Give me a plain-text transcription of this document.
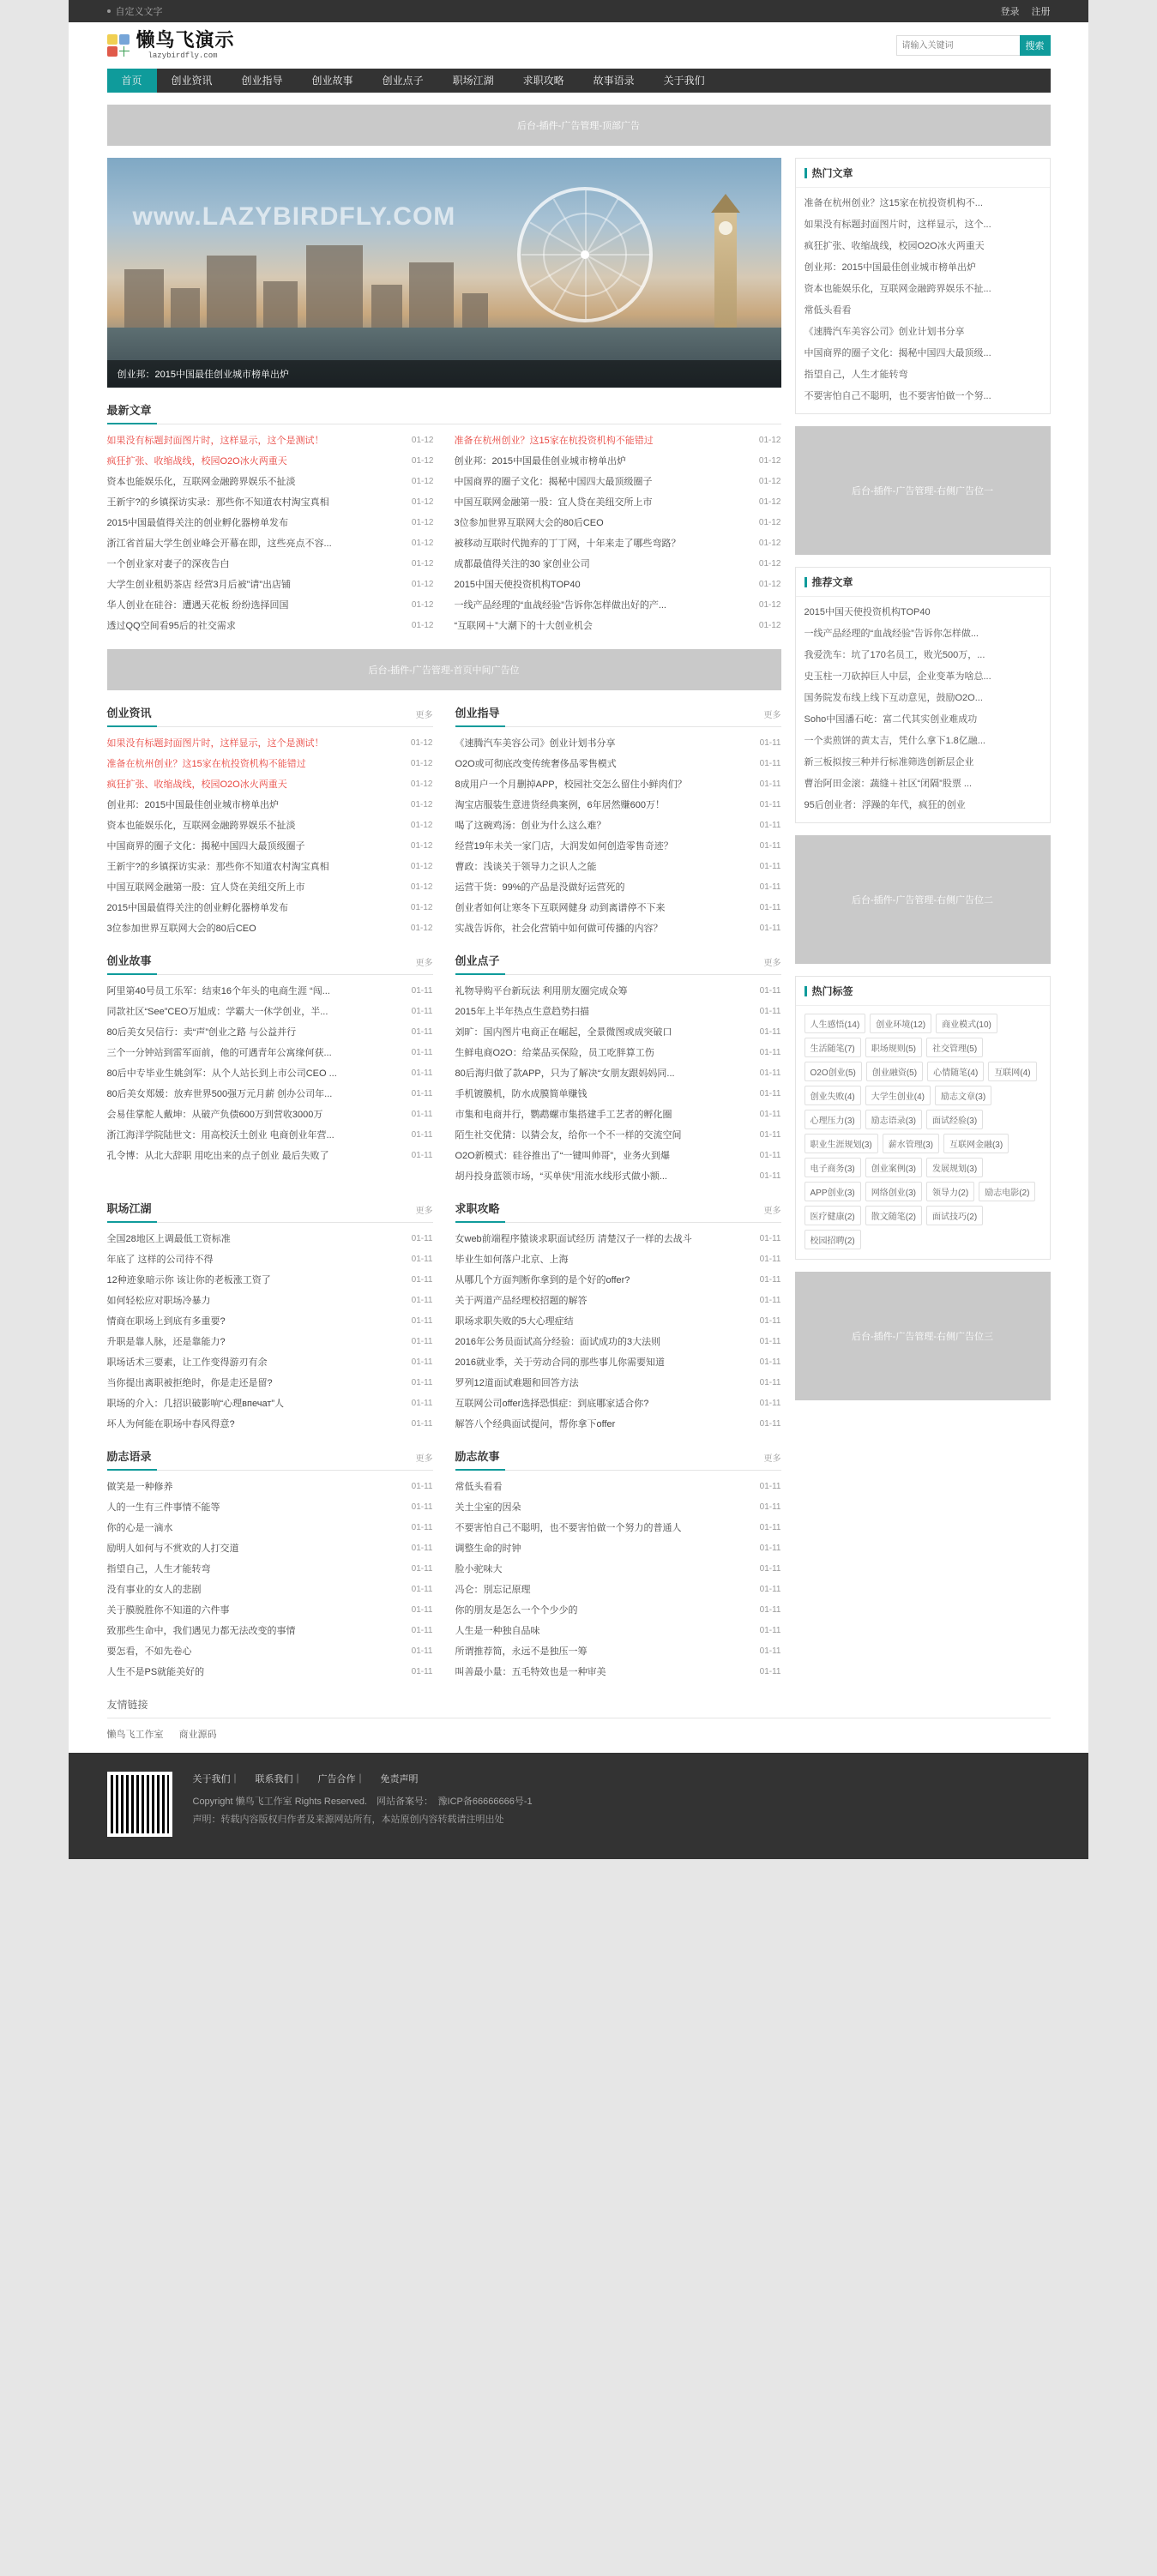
自定义文字	登录 注册
懒鸟飞演示
lazybirdfly.com
请输入关键词
搜索
首页	创业资讯	创业指导	创业故事	创业点子	职场江湖	求职攻略	故事语录	关于我们
后台-插件-广告管理-顶部广告
www.LAZYBIRDFLY.COM
创业邦：2015中国最佳创业城市榜单出炉
最新文章
如果没有标题封面图片时，这样显示，这个是测试！	01-12
疯狂扩张、收缩战线，校园O2O冰火两重天	01-12
资本也能娱乐化，互联网金融跨界娱乐不扯淡	01-12
王新宇?的乡镇探访实录：那些你不知道农村淘宝真相	01-12
2015中国最值得关注的创业孵化器榜单发布	01-12
浙江省首届大学生创业峰会开幕在即，这些亮点不容...	01-12
一个创业家对妻子的深夜告白	01-12
大学生创业租奶茶店 经营3月后被”请”出店铺	01-12
华人创业在硅谷：遭遇天花板 纷纷选择回国	01-12
透过QQ空间看95后的社交需求	01-12
准备在杭州创业？这15家在杭投资机构不能错过	01-12
创业邦：2015中国最佳创业城市榜单出炉	01-12
中国商界的圈子文化：揭秘中国四大最顶级圈子	01-12
中国互联网金融第一股：宜人贷在美纽交所上市	01-12
3位参加世界互联网大会的80后CEO	01-12
被移动互联时代抛弃的丁丁网，十年来走了哪些弯路？	01-12
成都最值得关注的30 家创业公司	01-12
2015中国天使投资机构TOP40	01-12
一线产品经理的“血战经验”告诉你怎样做出好的产...	01-12
“互联网＋”大潮下的十大创业机会	01-12
后台-插件-广告管理-首页中间广告位
创业资讯	更多
如果没有标题封面图片时，这样显示，这个是测试！	01-12
准备在杭州创业？这15家在杭投资机构不能错过	01-12
疯狂扩张、收缩战线，校园O2O冰火两重天	01-12
创业邦：2015中国最佳创业城市榜单出炉	01-12
资本也能娱乐化，互联网金融跨界娱乐不扯淡	01-12
中国商界的圈子文化：揭秘中国四大最顶级圈子	01-12
王新宇?的乡镇探访实录：那些你不知道农村淘宝真相	01-12
中国互联网金融第一股：宜人贷在美纽交所上市	01-12
2015中国最值得关注的创业孵化器榜单发布	01-12
3位参加世界互联网大会的80后CEO	01-12
创业指导	更多
《速腾汽车美容公司》创业计划书分享	01-11
O2O或可彻底改变传统奢侈品零售模式	01-11
8成用户一个月删掉APP，校园社交怎么留住小鲜肉们？	01-11
淘宝店服装生意进货经典案例，6年居然赚600万！	01-11
喝了这碗鸡汤：创业为什么这么难？	01-11
经营19年未关一家门店，大润发如何创造零售奇迹？	01-11
曹政：浅谈关于领导力之识人之能	01-11
运营干货：99%的产品是没做好运营死的	01-11
创业者如何让寒冬下互联网健身 动到离谱停不下来	01-11
实战告诉你，社会化营销中如何做可传播的内容？	01-11
创业故事	更多
阿里第40号员工乐军：结束16个年头的电商生涯 “闯...	01-11
同款社区“See”CEO万旭成：学霸大一休学创业，半...	01-11
80后美女吴信行：卖“声”创业之路 与公益并行	01-11
三个一分钟站到雷军面前，他的可遇青年公寓缘何获...	01-11
80后中专毕业生姚剑军：从个人站长到上市公司CEO ...	01-11
80后美女郑媛：放弃世界500强万元月薪 创办公司年...	01-11
会易佳掌舵人戴坤：从破产负债600万到营收3000万	01-11
浙江海洋学院陆世文：用高校沃土创业 电商创业年营...	01-11
孔令博：从北大辞职 用吃出来的点子创业 最后失败了	01-11
创业点子	更多
礼物导购平台新玩法 利用朋友圈完成众筹	01-11
2015年上半年热点生意趋势扫描	01-11
刘旷：国内图片电商正在崛起，全景微图或成突破口	01-11
生鲜电商O2O：给菜品买保险，员工吃胖算工伤	01-11
80后海归做了款APP，只为了解决“女朋友跟妈妈同...	01-11
手机镀膜机，防水成膜简单赚钱	01-11
市集和电商并行，鹦鹉螺市集搭建手工艺者的孵化圈	01-11
陌生社交优猜：以猜会友，给你一个不一样的交流空间	01-11
O2O新模式：硅谷推出了“一键叫帅哥”，业务火到爆	01-11
胡丹投身蓝领市场，“买单侠”用流水线形式做小额...	01-11
职场江湖	更多
全国28地区上调最低工资标准	01-11
年底了 这样的公司待不得	01-11
12种迹象暗示你 该让你的老板涨工资了	01-11
如何轻松应对职场冷暴力	01-11
情商在职场上到底有多重要?	01-11
升职是靠人脉，还是靠能力?	01-11
职场话术三要素，让工作变得游刃有余	01-11
当你提出离职被拒绝时，你是走还是留?	01-11
职场的介入：几招识破影响“心理впечат”人	01-11
坏人为何能在职场中春风得意?	01-11
求职攻略	更多
女web前端程序猿谈求职面试经历 清楚汉子一样的去战斗	01-11
毕业生如何落户北京、上海	01-11
从哪几个方面判断你拿到的是个好的offer?	01-11
关于两道产品经理校招题的解答	01-11
职场求职失败的5大心理症结	01-11
2016年公务员面试高分经验：面试成功的3大法则	01-11
2016就业季，关于劳动合同的那些事儿你需要知道	01-11
罗列12道面试难题和回答方法	01-11
互联网公司offer选择恐惧症：到底哪家适合你?	01-11
解答八个经典面试提问，帮你拿下offer	01-11
励志语录	更多
做笑是一种修养	01-11
人的一生有三件事情不能等	01-11
你的心是一滴水	01-11
励明人如何与不赏欢的人打交道	01-11
指望自己，人生才能转弯	01-11
没有事业的女人的悲剧	01-11
关于膜脱胜你不知道的六件事	01-11
致那些生命中，我们遇见力都无法改变的事情	01-11
要怎看，不如先卷心	01-11
人生不是PS就能美好的	01-11
励志故事	更多
常低头看看	01-11
关土尘室的因朵	01-11
不要害怕自己不聪明，也不要害怕做一个努力的普通人	01-11
调整生命的时钟	01-11
脸小驼味大	01-11
冯仑：別忘记原理	01-11
你的朋友是怎么一个个少少的	01-11
人生是一种独自品味	01-11
所谓推荐简，永远不是独压一筹	01-11
叫善最小量：五毛特效也是一种审美	01-11
热门文章
准备在杭州创业？这15家在杭投资机构不...
如果没有标题封面图片时，这样显示，这个...
疯狂扩张、收缩战线，校园O2O冰火两重天
创业邦：2015中国最佳创业城市榜单出炉
资本也能娱乐化，互联网金融跨界娱乐不扯...
常低头看看
《速腾汽车美容公司》创业计划书分享
中国商界的圈子文化：揭秘中国四大最顶级...
指望自己，人生才能转弯
不要害怕自己不聪明，也不要害怕做一个努...
后台-插件-广告管理-右侧广告位一
推荐文章
2015中国天使投资机构TOP40
一线产品经理的“血战经验”告诉你怎样做...
我爱洗车：坑了170名员工，败光500万，...
史玉柱一刀砍掉巨人中层，企业变革为啥总...
国务院发布线上线下互动意见，鼓励O2O...
Soho中国潘石屹：富二代其实创业难成功
一个卖煎饼的黄太吉，凭什么拿下1.8亿融...
新三板拟按三种并行标准筛选创新层企业
曹治阿田金滚：蔬缝＋社区“闭隔”股票 ...
95后创业者：浮躁的年代，疯狂的创业
后台-插件-广告管理-右侧广告位二
热门标签
人生感悟(14)	创业环境(12)	商业模式(10)
生活随笔(7)	职场规则(5)	社交管理(5)
O2O创业(5)	创业融资(5)	心情随笔(4)	互联网(4)
创业失败(4)	大学生创业(4)	励志文章(3)
心理压力(3)	励志语录(3)	面试经验(3)
职业生涯规划(3)	薪水管理(3)	互联网金融(3)
电子商务(3)	创业案例(3)	发展规划(3)
APP创业(3)	网络创业(3)	领导力(2)	励志电影(2)
医疗健康(2)	散文随笔(2)	面试技巧(2)
校园招聘(2)
后台-插件-广告管理-右侧广告位三
友情链接
懒鸟飞工作室 商业源码
关于我们｜ 联系我们｜ 广告合作｜ 免责声明
Copyright 懒鸟飞工作室 Rights Reserved.　网站备案号：　豫ICP备66666666号-1
声明：转载内容版权归作者及来源网站所有，本站原创内容转载请注明出处
